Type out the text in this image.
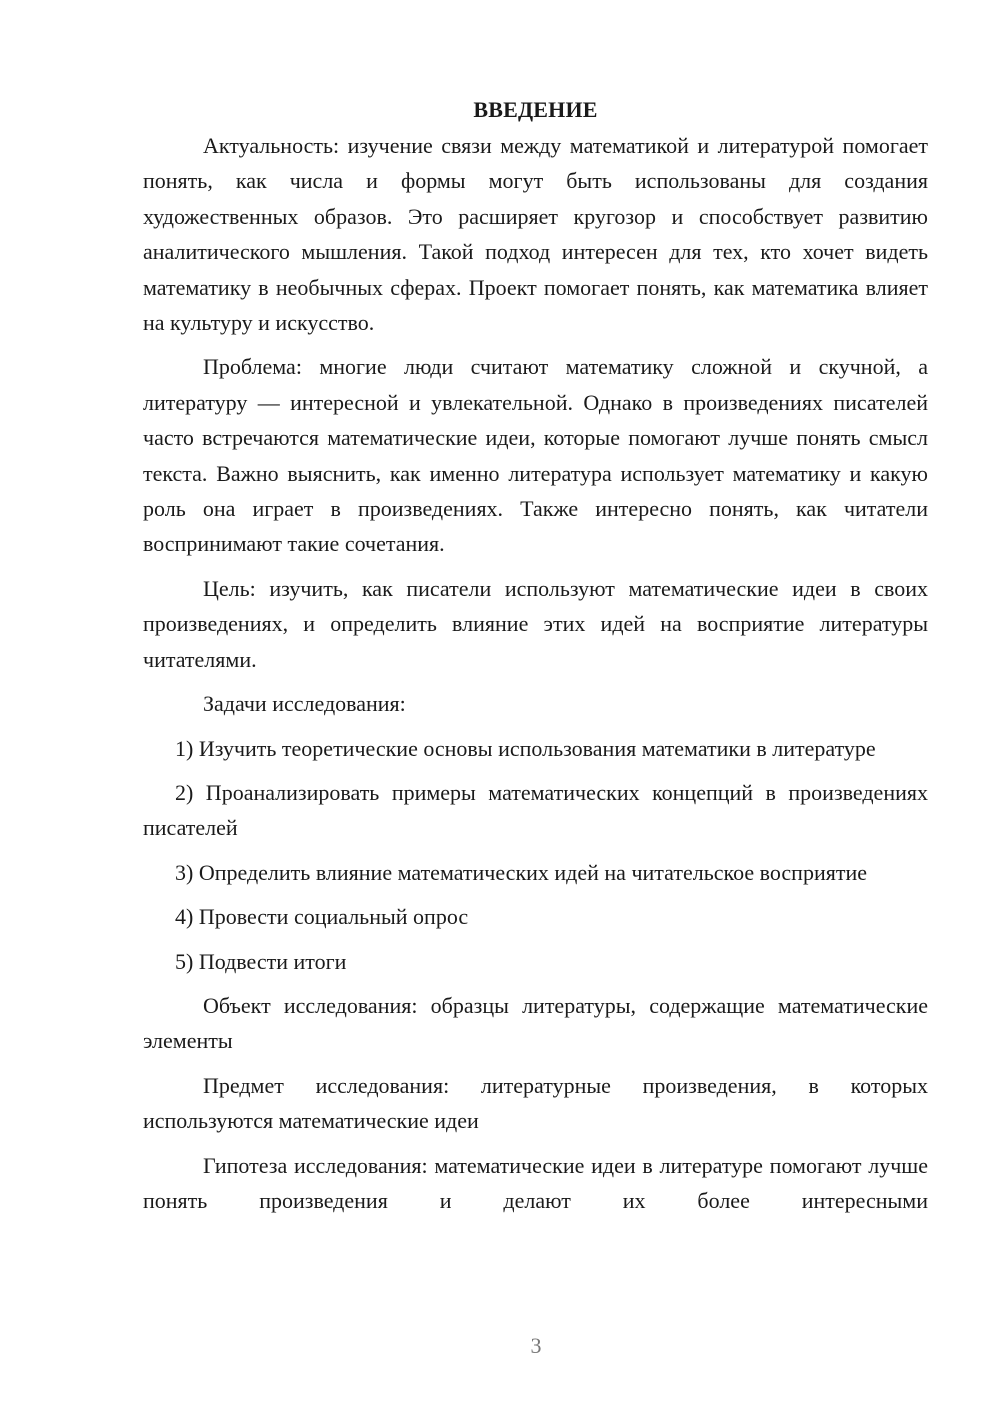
ВВЕДЕНИЕ

Актуальность: изучение связи между математикой и литературой помогает понять, как числа и формы могут быть использованы для создания художественных образов. Это расширяет кругозор и способствует развитию аналитического мышления. Такой подход интересен для тех, кто хочет видеть математику в необычных сферах. Проект помогает понять, как математика влияет на культуру и искусство.

Проблема: многие люди считают математику сложной и скучной, а литературу — интересной и увлекательной. Однако в произведениях писателей часто встречаются математические идеи, которые помогают лучше понять смысл текста. Важно выяснить, как именно литература использует математику и какую роль она играет в произведениях. Также интересно понять, как читатели воспринимают такие сочетания.

Цель: изучить, как писатели используют математические идеи в своих произведениях, и определить влияние этих идей на восприятие литературы читателями.

Задачи исследования:

1) Изучить теоретические основы использования математики в литературе

2) Проанализировать примеры математических концепций в произведениях писателей

3) Определить влияние математических идей на читательское восприятие

4) Провести социальный опрос

5) Подвести итоги

Объект исследования: образцы литературы, содержащие математические элементы

Предмет исследования: литературные произведения, в которых используются математические идеи

Гипотеза исследования: математические идеи в литературе помогают лучше понять произведения и делают их более интересными

3
